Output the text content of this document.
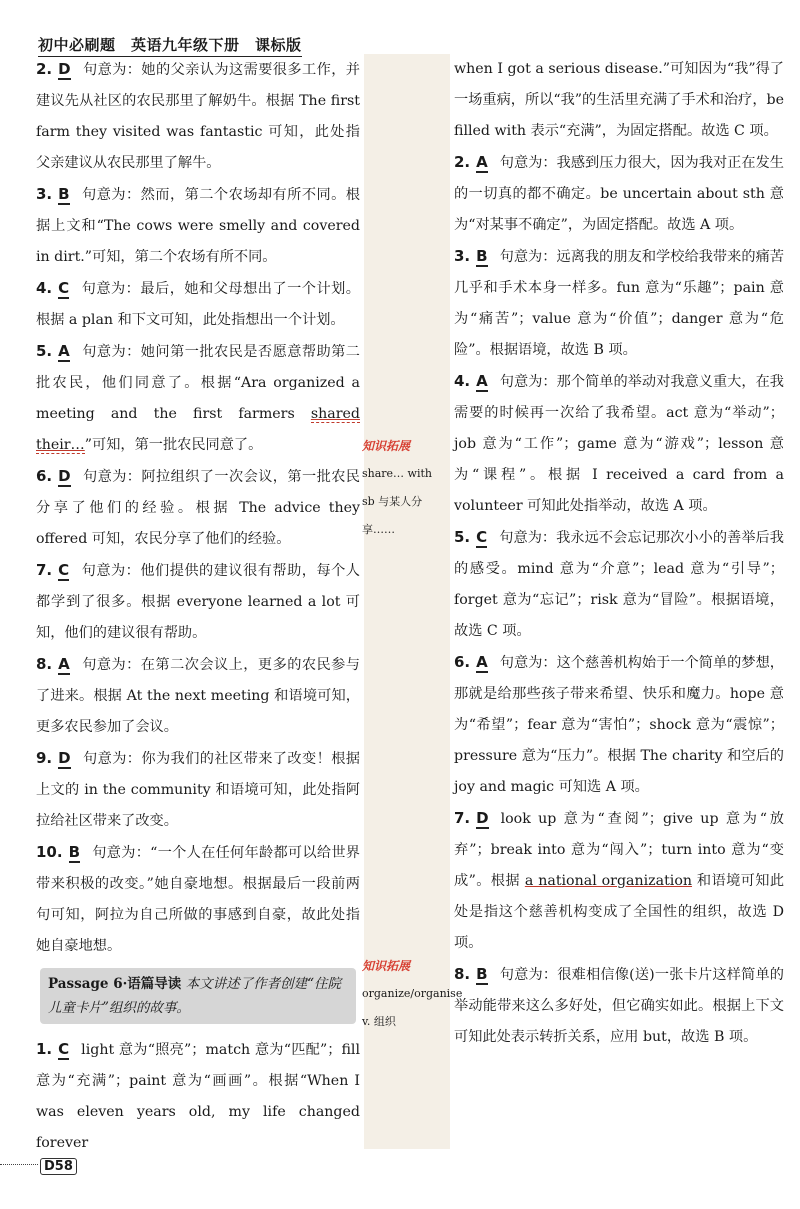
初中必刷题　英语九年级下册　课标版
2. D 句意为：她的父亲认为这需要很多工作，并建议先从社区的农民那里了解奶牛。根据 The first farm they visited was fantastic 可知，此处指父亲建议从农民那里了解牛。
3. B 句意为：然而，第二个农场却有所不同。根据上文和“The cows were smelly and covered in dirt.”可知，第二个农场有所不同。
4. C 句意为：最后，她和父母想出了一个计划。根据 a plan 和下文可知，此处指想出一个计划。
5. A 句意为：她问第一批农民是否愿意帮助第二批农民，他们同意了。根据“Ara organized a meeting and the first farmers shared their…”可知，第一批农民同意了。
6. D 句意为：阿拉组织了一次会议，第一批农民分享了他们的经验。根据 The advice they offered 可知，农民分享了他们的经验。
7. C 句意为：他们提供的建议很有帮助，每个人都学到了很多。根据 everyone learned a lot 可知，他们的建议很有帮助。
8. A 句意为：在第二次会议上，更多的农民参与了进来。根据 At the next meeting 和语境可知，更多农民参加了会议。
9. D 句意为：你为我们的社区带来了改变！根据上文的 in the community 和语境可知，此处指阿拉给社区带来了改变。
10. B 句意为：“一个人在任何年龄都可以给世界带来积极的改变。”她自豪地想。根据最后一段前两句可知，阿拉为自己所做的事感到自豪，故此处指她自豪地想。
Passage 6·语篇导读 本文讲述了作者创建“住院儿童卡片”组织的故事。
1. C light 意为“照亮”；match 意为“匹配”；fill 意为“充满”；paint 意为“画画”。根据“When I was eleven years old, my life changed forever
知识拓展
share… with sb 与某人分享……
知识拓展
organize/organise v. 组织
when I got a serious disease.”可知因为“我”得了一场重病，所以“我”的生活里充满了手术和治疗，be filled with 表示“充满”，为固定搭配。故选 C 项。
2. A 句意为：我感到压力很大，因为我对正在发生的一切真的都不确定。be uncertain about sth 意为“对某事不确定”，为固定搭配。故选 A 项。
3. B 句意为：远离我的朋友和学校给我带来的痛苦几乎和手术本身一样多。fun 意为“乐趣”；pain 意为“痛苦”；value 意为“价值”；danger 意为“危险”。根据语境，故选 B 项。
4. A 句意为：那个简单的举动对我意义重大，在我需要的时候再一次给了我希望。act 意为“举动”；job 意为“工作”；game 意为“游戏”；lesson 意为“课程”。根据 I received a card from a volunteer 可知此处指举动，故选 A 项。
5. C 句意为：我永远不会忘记那次小小的善举后我的感受。mind 意为“介意”；lead 意为“引导”；forget 意为“忘记”；risk 意为“冒险”。根据语境，故选 C 项。
6. A 句意为：这个慈善机构始于一个简单的梦想，那就是给那些孩子带来希望、快乐和魔力。hope 意为“希望”；fear 意为“害怕”；shock 意为“震惊”；pressure 意为“压力”。根据 The charity 和空后的 joy and magic 可知选 A 项。
7. D look up 意为“查阅”；give up 意为“放弃”；break into 意为“闯入”；turn into 意为“变成”。根据 a national organization 和语境可知此处是指这个慈善机构变成了全国性的组织，故选 D 项。
8. B 句意为：很难相信像(送)一张卡片这样简单的举动能带来这么多好处，但它确实如此。根据上下文可知此处表示转折关系，应用 but，故选 B 项。
D58
